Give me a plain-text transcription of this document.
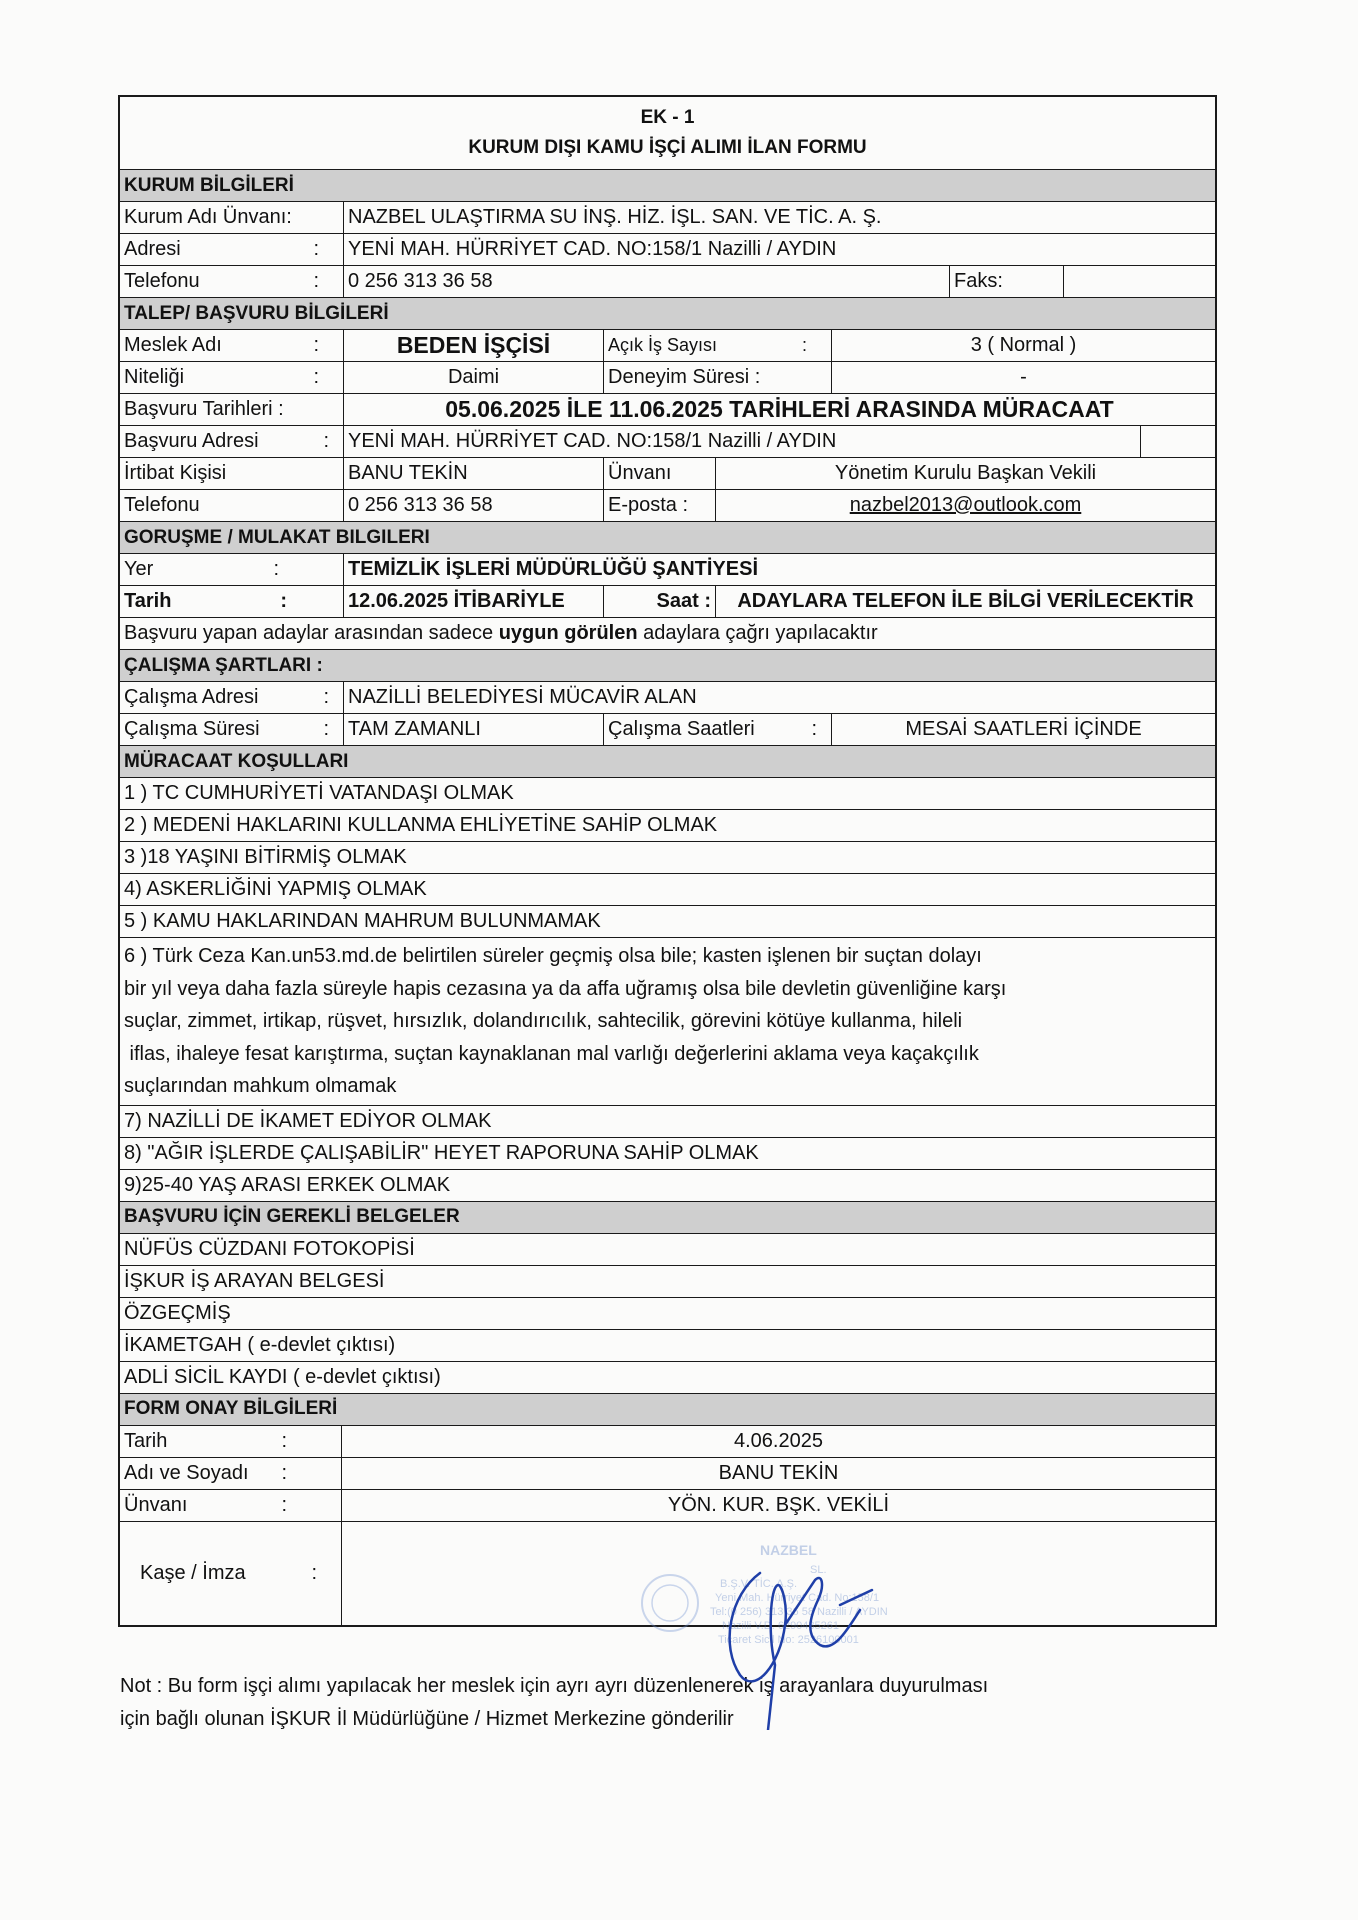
EK - 1
KURUM DIŞI KAMU İŞÇİ ALIMI İLAN FORMU
KURUM BİLGİLERİ
Kurum Adı Ünvanı:	NAZBEL ULAŞTIRMA SU İNŞ. HİZ. İŞL. SAN. VE TİC. A. Ş.
Adresi	: YENİ MAH. HÜRRİYET CAD. NO:158/1 Nazilli / AYDIN
Telefonu	: 0 256 313 36 58	Faks:
TALEP/ BAŞVURU BİLGİLERİ
Meslek Adı	:	BEDEN İŞÇİSİ	Açık İş Sayısı	:	3 ( Normal )
Niteliği	:	Daimi	Deneyim Süresi :	-
Başvuru Tarihleri :	05.06.2025 İLE 11.06.2025 TARİHLERİ ARASINDA MÜRACAAT
Başvuru Adresi	: YENİ MAH. HÜRRİYET CAD. NO:158/1 Nazilli / AYDIN
İrtibat Kişisi	BANU TEKİN	Ünvanı	Yönetim Kurulu Başkan Vekili
Telefonu	0 256 313 36 58	E-posta :	nazbel2013@outlook.com
GORUŞME / MULAKAT BILGILERI
Yer	:	TEMİZLİK İŞLERİ MÜDÜRLÜĞÜ ŞANTİYESİ
Tarih	:	12.06.2025 İTİBARİYLE	Saat :	ADAYLARA TELEFON İLE BİLGİ VERİLECEKTİR
Başvuru yapan adaylar arasından sadece uygun görülen adaylara çağrı yapılacaktır
ÇALIŞMA ŞARTLARI :
Çalışma Adresi	: NAZİLLİ BELEDİYESİ MÜCAVİR ALAN
Çalışma Süresi	: TAM ZAMANLI	Çalışma Saatleri	:	MESAİ SAATLERİ İÇİNDE
MÜRACAAT KOŞULLARI
1 ) TC CUMHURİYETİ VATANDAŞI OLMAK
2 ) MEDENİ HAKLARINI KULLANMA EHLİYETİNE SAHİP OLMAK
3 )18 YAŞINI BİTİRMİŞ OLMAK
4) ASKERLİĞİNİ YAPMIŞ OLMAK
5 ) KAMU HAKLARINDAN MAHRUM BULUNMAMAK
6 ) Türk Ceza Kan.un53.md.de belirtilen süreler geçmiş olsa bile; kasten işlenen bir suçtan dolayı
bir yıl veya daha fazla süreyle hapis cezasına ya da affa uğramış olsa bile devletin güvenliğine karşı
suçlar, zimmet, irtikap, rüşvet, hırsızlık, dolandırıcılık, sahtecilik, görevini kötüye kullanma, hileli
iflas, ihaleye fesat karıştırma, suçtan kaynaklanan mal varlığı değerlerini aklama veya kaçakçılık
suçlarından mahkum olmamak
7) NAZİLLİ DE İKAMET EDİYOR OLMAK
8) "AĞIR İŞLERDE ÇALIŞABİLİR" HEYET RAPORUNA SAHİP OLMAK
9)25-40 YAŞ ARASI ERKEK OLMAK
BAŞVURU İÇİN GEREKLİ BELGELER
NÜFÜS CÜZDANI FOTOKOPİSİ
İŞKUR İŞ ARAYAN BELGESİ
ÖZGEÇMİŞ
İKAMETGAH ( e-devlet çıktısı)
ADLİ SİCİL KAYDI ( e-devlet çıktısı)
FORM ONAY BİLGİLERİ
Tarih	:	4.06.2025
Adı ve Soyadı :	BANU TEKİN
Ünvanı	:	YÖN. KUR. BŞK. VEKİLİ
Kaşe / İmza	:
Not : Bu form işçi alımı yapılacak her meslek için ayrı ayrı düzenlenerek iş arayanlara duyurulması
için bağlı olunan İŞKUR İl Müdürlüğüne / Hizmet Merkezine gönderilir
NAZBEL
SL.
B.Ş.V. TİC. A.Ş.
Yeni Mah. Hürriyet Cad. No:158/1
Tel:(0 256) 313 36 58 Nazilli / AYDIN
Nazilli V.D. 6290435261
Ticaret Sicil No: 2526100001
